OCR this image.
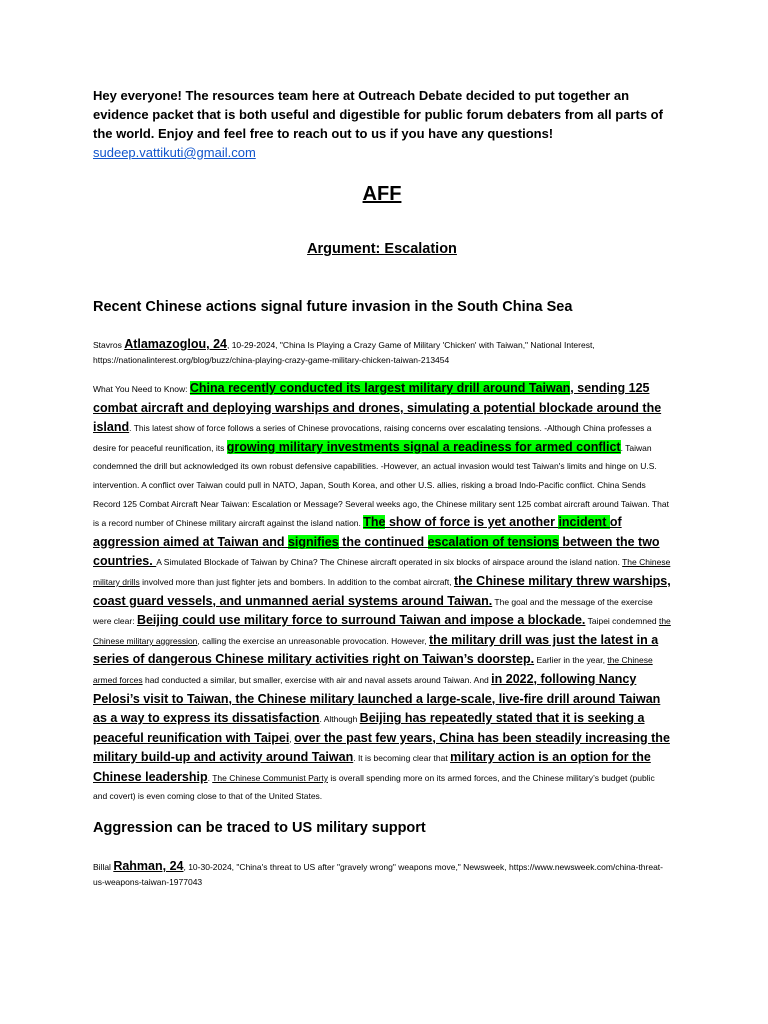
Hey everyone! The resources team here at Outreach Debate decided to put together an evidence packet that is both useful and digestible for public forum debaters from all parts of the world. Enjoy and feel free to reach out to us if you have any questions! sudeep.vattikuti@gmail.com

AFF
Argument: Escalation

Recent Chinese actions signal future invasion in the South China Sea

Stavros Atlamazoglou, 24, 10-29-2024, "China Is Playing a Crazy Game of Military 'Chicken' with Taiwan," National Interest, https://nationalinterest.org/blog/buzz/china-playing-crazy-game-military-chicken-taiwan-213454
What You Need to Know: China recently conducted its largest military drill around Taiwan, sending 125 combat aircraft and deploying warships and drones, simulating a potential blockade around the island. This latest show of force follows a series of Chinese provocations, raising concerns over escalating tensions. -Although China professes a desire for peaceful reunification, its growing military investments signal a readiness for armed conflict. Taiwan condemned the drill but acknowledged its own robust defensive capabilities. -However, an actual invasion would test Taiwan's limits and hinge on U.S. intervention. A conflict over Taiwan could pull in NATO, Japan, South Korea, and other U.S. allies, risking a broad Indo-Pacific conflict. China Sends Record 125 Combat Aircraft Near Taiwan: Escalation or Message? Several weeks ago, the Chinese military sent 125 combat aircraft around Taiwan. That is a record number of Chinese military aircraft against the island nation. The show of force is yet another incident of aggression aimed at Taiwan and signifies the continued escalation of tensions between the two countries. A Simulated Blockade of Taiwan by China? The Chinese aircraft operated in six blocks of airspace around the island nation. The Chinese military drills involved more than just fighter jets and bombers. In addition to the combat aircraft, the Chinese military threw warships, coast guard vessels, and unmanned aerial systems around Taiwan. The goal and the message of the exercise were clear: Beijing could use military force to surround Taiwan and impose a blockade. Taipei condemned the Chinese military aggression, calling the exercise an unreasonable provocation. However, the military drill was just the latest in a series of dangerous Chinese military activities right on Taiwan’s doorstep. Earlier in the year, the Chinese armed forces had conducted a similar, but smaller, exercise with air and naval assets around Taiwan. And in 2022, following Nancy Pelosi’s visit to Taiwan, the Chinese military launched a large-scale, live-fire drill around Taiwan as a way to express its dissatisfaction. Although Beijing has repeatedly stated that it is seeking a peaceful reunification with Taipei, over the past few years, China has been steadily increasing the military build-up and activity around Taiwan. It is becoming clear that military action is an option for the Chinese leadership. The Chinese Communist Party is overall spending more on its armed forces, and the Chinese military’s budget (public and covert) is even coming close to that of the United States.

Aggression can be traced to US military support

Billal Rahman, 24, 10-30-2024, "China's threat to US after "gravely wrong" weapons move," Newsweek, https://www.newsweek.com/china-threat-us-weapons-taiwan-1977043
